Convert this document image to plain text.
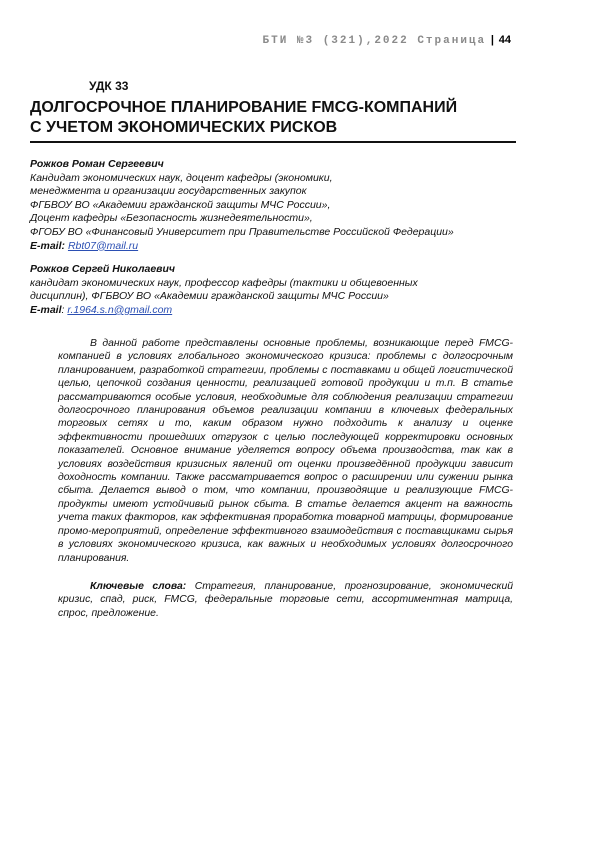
БТИ №3 (321),2022 Страница | 44
УДК 33
ДОЛГОСРОЧНОЕ ПЛАНИРОВАНИЕ FMCG-КОМПАНИЙ
С УЧЕТОМ ЭКОНОМИЧЕСКИХ РИСКОВ
Рожков Роман Сергеевич
Кандидат экономических наук, доцент кафедры (экономики,
менеджмента и организации государственных закупок
ФГБВОУ ВО «Академии гражданской защиты МЧС России»,
Доцент кафедры «Безопасность жизнедеятельности»,
ФГОБУ ВО «Финансовый Университет при Правительстве Российской Федерации»
E-mail: Rbt07@mail.ru
Рожков Сергей Николаевич
кандидат экономических наук, профессор кафедры (тактики и общевоенных
дисциплин), ФГБВОУ ВО «Академии гражданской защиты МЧС России»
E-mail: r.1964.s.n@gmail.com

В данной работе представлены основные проблемы, возникающие перед FMCG-компанией в условиях глобального экономического кризиса: проблемы с долгосрочным планированием, разработкой стратегии, проблемы с поставками и общей логистической целью, цепочкой создания ценности, реализацией готовой продукции и т.п. В статье рассматриваются особые условия, необходимые для соблюдения реализации стратегии долгосрочного планирования объемов реализации компании в ключевых федеральных торговых сетях и то, каким образом нужно подходить к анализу и оценке эффективности прошедших отгрузок с целью последующей корректировки основных показателей. Основное внимание уделяется вопросу объема производства, так как в условиях воздействия кризисных явлений от оценки произведённой продукции зависит доходность компании. Также рассматривается вопрос о расширении или сужении рынка сбыта. Делается вывод о том, что компании, производящие и реализующие FMCG-продукты имеют устойчивый рынок сбыта. В статье делается акцент на важность учета таких факторов, как эффективная проработка товарной матрицы, формирование промо-мероприятий, определение эффективного взаимодействия с поставщиками сырья в условиях экономического кризиса, как важных и необходимых условиях долгосрочного планирования.

Ключевые слова: Стратегия, планирование, прогнозирование, экономический кризис, спад, риск, FMCG, федеральные торговые сети, ассортиментная матрица, спрос, предложение.
